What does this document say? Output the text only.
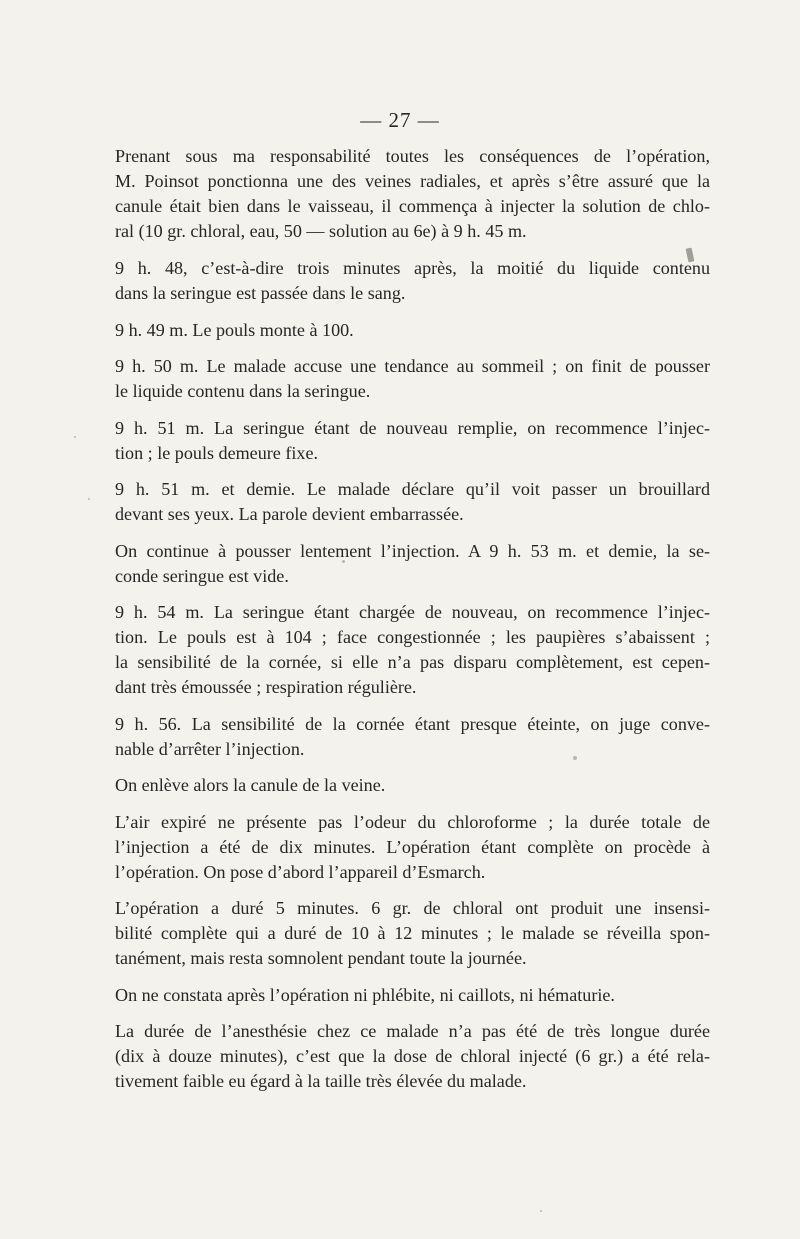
— 27 —
Prenant sous ma responsabilité toutes les conséquences de l’opération,
M. Poinsot ponctionna une des veines radiales, et après s’être assuré que la
canule était bien dans le vaisseau, il commença à injecter la solution de chlo-
ral (10 gr. chloral, eau, 50 — solution au 6e) à 9 h. 45 m.
9 h. 48, c’est-à-dire trois minutes après, la moitié du liquide contenu
dans la seringue est passée dans le sang.
9 h. 49 m. Le pouls monte à 100.
9 h. 50 m. Le malade accuse une tendance au sommeil ; on finit de pousser
le liquide contenu dans la seringue.
9 h. 51 m. La seringue étant de nouveau remplie, on recommence l’injec-
tion ; le pouls demeure fixe.
9 h. 51 m. et demie. Le malade déclare qu’il voit passer un brouillard
devant ses yeux. La parole devient embarrassée.
On continue à pousser lentement l’injection. A 9 h. 53 m. et demie, la se-
conde seringue est vide.
9 h. 54 m. La seringue étant chargée de nouveau, on recommence l’injec-
tion. Le pouls est à 104 ; face congestionnée ; les paupières s’abaissent ;
la sensibilité de la cornée, si elle n’a pas disparu complètement, est cepen-
dant très émoussée ; respiration régulière.
9 h. 56. La sensibilité de la cornée étant presque éteinte, on juge conve-
nable d’arrêter l’injection.
On enlève alors la canule de la veine.
L’air expiré ne présente pas l’odeur du chloroforme ; la durée totale de
l’injection a été de dix minutes. L’opération étant complète on procède à
l’opération. On pose d’abord l’appareil d’Esmarch.
L’opération a duré 5 minutes. 6 gr. de chloral ont produit une insensi-
bilité complète qui a duré de 10 à 12 minutes ; le malade se réveilla spon-
tanément, mais resta somnolent pendant toute la journée.
On ne constata après l’opération ni phlébite, ni caillots, ni hématurie.
La durée de l’anesthésie chez ce malade n’a pas été de très longue durée
(dix à douze minutes), c’est que la dose de chloral injecté (6 gr.) a été rela-
tivement faible eu égard à la taille très élevée du malade.
